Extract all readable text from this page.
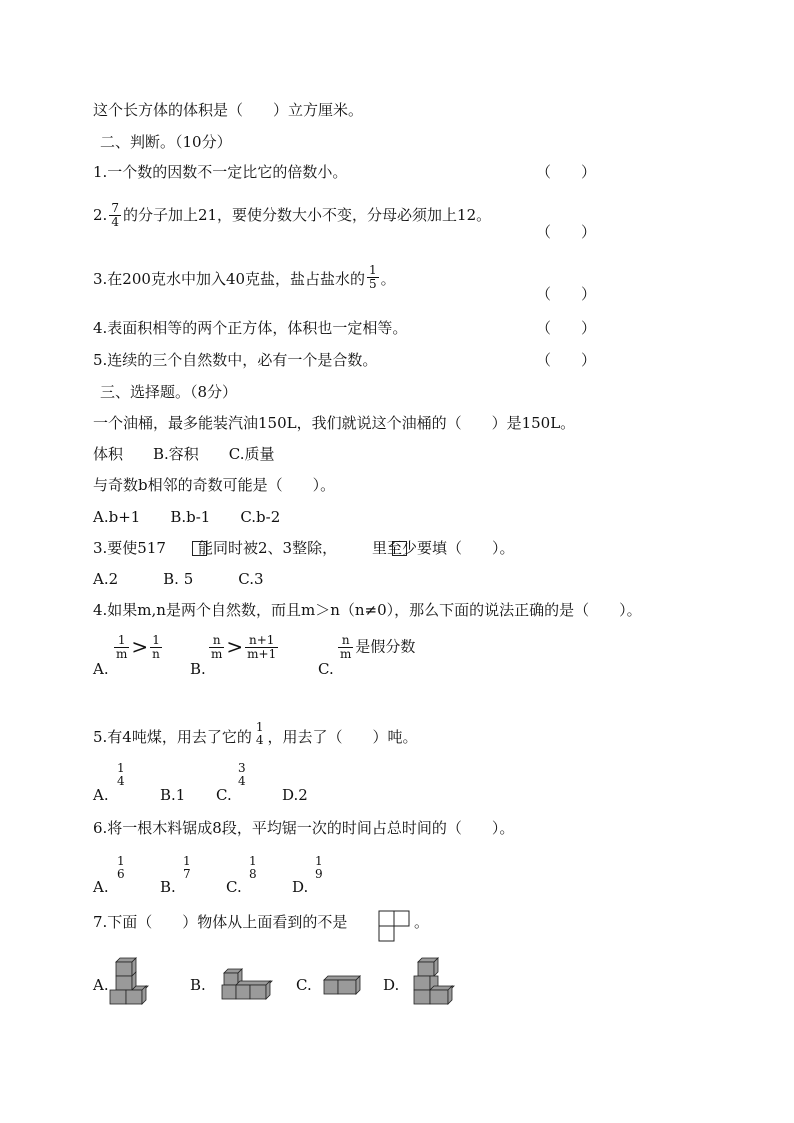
这个长方体的体积是（　　）立方厘米。
二、判断。（10分）
1.一个数的因数不一定比它的倍数小。	（　　）
2. $\frac{7}{4}$ 的分子加上21，要使分数大小不变，分母必须加上12。
（　　）
3.在200克水中加入40克盐，盐占盐水的 $\frac{1}{5}$ 。
（　　）
4.表面积相等的两个正方体，体积也一定相等。	（　　）
5.连续的三个自然数中，必有一个是合数。	（　　）
三、选择题。（8分）
一个油桶，最多能装汽油150L，我们就说这个油桶的（　　）是150L。
体积　　B.容积　　C.质量
与奇数b相邻的奇数可能是（　　）。
A.b+1　　B.b-1　　C.b-2
3.要使517 能同时被2、3整除， 里至少要填（　　）。
A.2　　　B. 5　　　C.3
4.如果m,n是两个自然数，而且m＞n（n≠0），那么下面的说法正确的是（　　）。
A.
$\frac{1}{m} > \frac{1}{n}$
B.
$\frac{n}{m} > \frac{n+1}{m+1}$
C.
$\frac{n}{m}$ 是假分数
5.有4吨煤，用去了它的
1
4 ，用去了（　　）吨。
A.
1
4
B.1 C.
3
4
D.2
6.将一根木料锯成8段，平均锯一次的时间占总时间的（　　）。
A.
1
6
B.
1
7
C.
1
8
D.
1
9
7.下面（　　）物体从上面看到的不是	。
A.	B.	C.	D.
